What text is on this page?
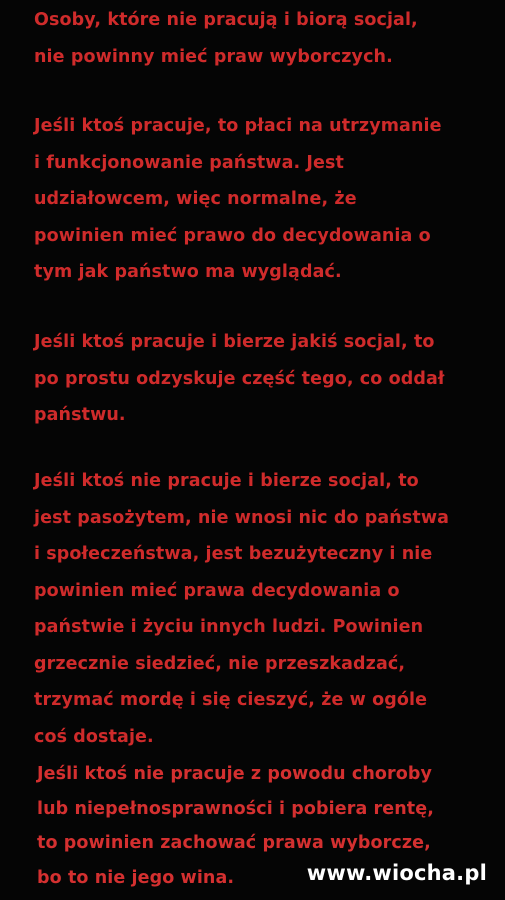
Osoby, które nie pracują i biorą socjal,
nie powinny mieć praw wyborczych.

Jeśli ktoś pracuje, to płaci na utrzymanie
i funkcjonowanie państwa. Jest
udziałowcem, więc normalne, że
powinien mieć prawo do decydowania o
tym jak państwo ma wyglądać.

Jeśli ktoś pracuje i bierze jakiś socjal, to
po prostu odzyskuje część tego, co oddał
państwu.

Jeśli ktoś nie pracuje i bierze socjal, to
jest pasożytem, nie wnosi nic do państwa
i społeczeństwa, jest bezużyteczny i nie
powinien mieć prawa decydowania o
państwie i życiu innych ludzi. Powinien
grzecznie siedzieć, nie przeszkadzać,
trzymać mordę i się cieszyć, że w ogóle
coś dostaje.

Jeśli ktoś nie pracuje z powodu choroby
lub niepełnosprawności i pobiera rentę,
to powinien zachować prawa wyborcze,
bo to nie jego wina.	www.wiocha.pl
